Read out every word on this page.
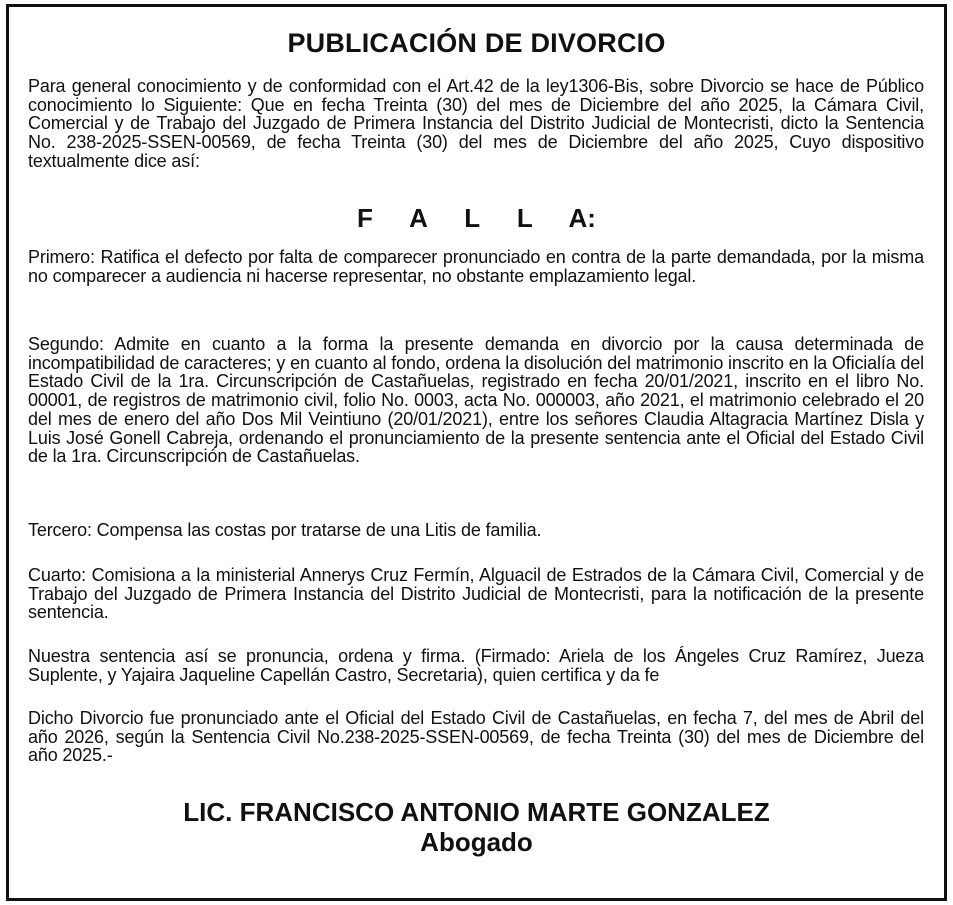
PUBLICACIÓN DE DIVORCIO

Para general conocimiento y de conformidad con el Art.42 de la ley1306-Bis, sobre Divorcio se hace de Público conocimiento lo Siguiente: Que en fecha Treinta (30) del mes de Diciembre del año 2025, la Cámara Civil, Comercial y de Trabajo del Juzgado de Primera Instancia del Distrito Judicial de Montecristi, dicto la Sentencia No. 238-2025-SSEN-00569, de fecha Treinta (30) del mes de Diciembre del año 2025, Cuyo dispositivo textualmente dice así:

F A L L A:

Primero: Ratifica el defecto por falta de comparecer pronunciado en contra de la parte demandada, por la misma no comparecer a audiencia ni hacerse representar, no obstante emplazamiento legal.

Segundo: Admite en cuanto a la forma la presente demanda en divorcio por la causa determinada de incompatibilidad de caracteres; y en cuanto al fondo, ordena la disolución del matrimonio inscrito en la Oficialía del Estado Civil de la 1ra. Circunscripción de Castañuelas, registrado en fecha 20/01/2021, inscrito en el libro No. 00001, de registros de matrimonio civil, folio No. 0003, acta No. 000003, año 2021, el matrimonio celebrado el 20 del mes de enero del año Dos Mil Veintiuno (20/01/2021), entre los señores Claudia Altagracia Martínez Disla y Luis José Gonell Cabreja, ordenando el pronunciamiento de la presente sentencia ante el Oficial del Estado Civil de la 1ra. Circunscripción de Castañuelas.

Tercero: Compensa las costas por tratarse de una Litis de familia.

Cuarto: Comisiona a la ministerial Annerys Cruz Fermín, Alguacil de Estrados de la Cámara Civil, Comercial y de Trabajo del Juzgado de Primera Instancia del Distrito Judicial de Montecristi, para la notificación de la presente sentencia.

Nuestra sentencia así se pronuncia, ordena y firma. (Firmado: Ariela de los Ángeles Cruz Ramírez, Jueza Suplente, y Yajaira Jaqueline Capellán Castro, Secretaria), quien certifica y da fe

Dicho Divorcio fue pronunciado ante el Oficial del Estado Civil de Castañuelas, en fecha 7, del mes de Abril del año 2026, según la Sentencia Civil No.238-2025-SSEN-00569, de fecha Treinta (30) del mes de Diciembre del año 2025.-

LIC. FRANCISCO ANTONIO MARTE GONZALEZ
Abogado
